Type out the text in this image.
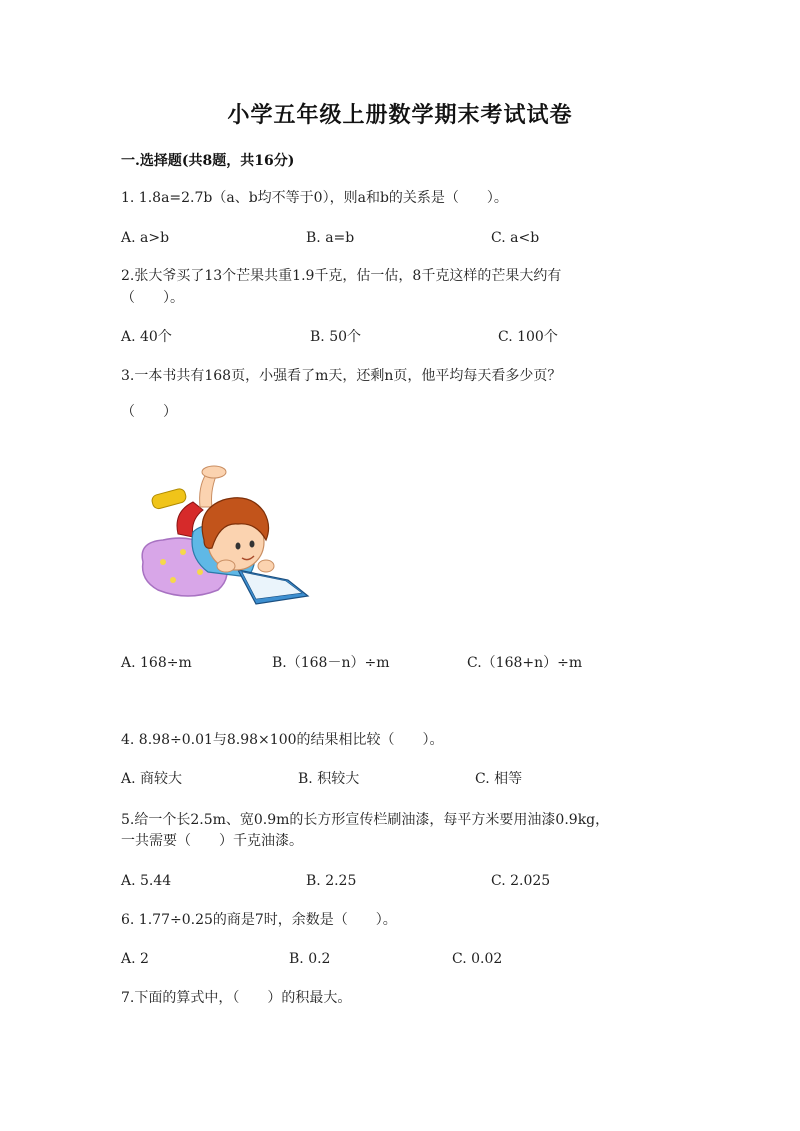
小学五年级上册数学期末考试试卷
一.选择题(共8题，共16分)
1. 1.8a=2.7b（a、b均不等于0），则a和b的关系是（　　）。
A. a>b	B. a=b	C. a<b
2.张大爷买了13个芒果共重1.9千克，估一估，8千克这样的芒果大约有
（　　）。
A. 40个	B. 50个	C. 100个
3.一本书共有168页，小强看了m天，还剩n页，他平均每天看多少页？
（　　）
A. 168÷m	B.（168－n）÷m	C.（168+n）÷m
4. 8.98÷0.01与8.98×100的结果相比较（　　）。
A. 商较大	B. 积较大	C. 相等
5.给一个长2.5m、宽0.9m的长方形宣传栏刷油漆，每平方米要用油漆0.9kg，
一共需要（　　）千克油漆。
A. 5.44	B. 2.25	C. 2.025
6. 1.77÷0.25的商是7时，余数是（　　）。
A. 2	B. 0.2	C. 0.02
7.下面的算式中，（　　）的积最大。
